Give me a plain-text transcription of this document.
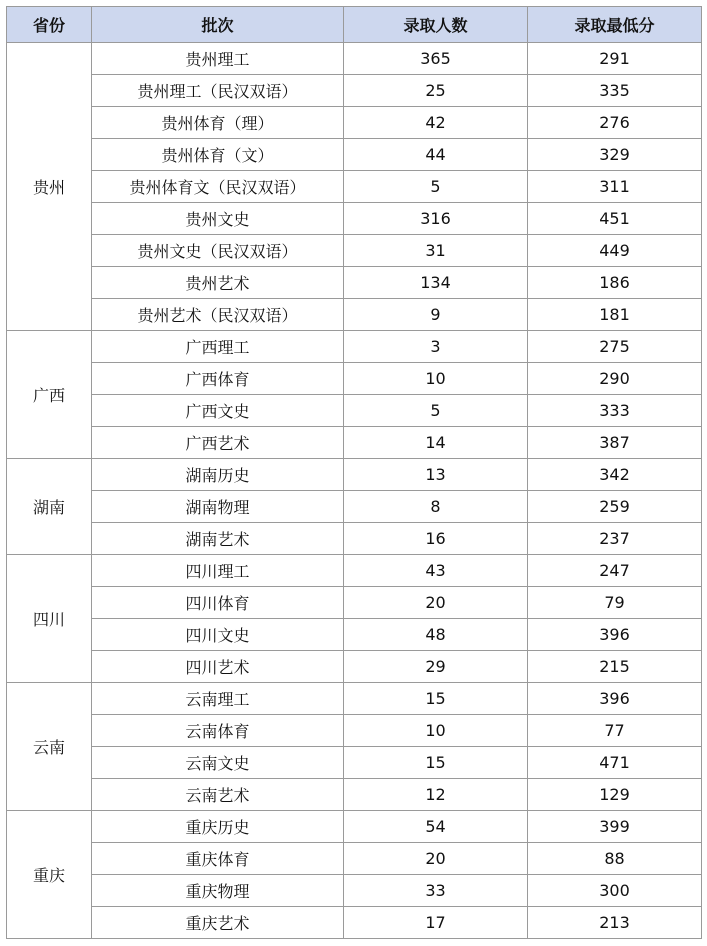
省份	批次	录取人数	录取最低分
贵州	贵州理工	365	291
	贵州理工（民汉双语）	25	335
	贵州体育（理）	42	276
	贵州体育（文）	44	329
	贵州体育文（民汉双语）	5	311
	贵州文史	316	451
	贵州文史（民汉双语）	31	449
	贵州艺术	134	186
	贵州艺术（民汉双语）	9	181
广西	广西理工	3	275
	广西体育	10	290
	广西文史	5	333
	广西艺术	14	387
湖南	湖南历史	13	342
	湖南物理	8	259
	湖南艺术	16	237
四川	四川理工	43	247
	四川体育	20	79
	四川文史	48	396
	四川艺术	29	215
云南	云南理工	15	396
	云南体育	10	77
	云南文史	15	471
	云南艺术	12	129
重庆	重庆历史	54	399
	重庆体育	20	88
	重庆物理	33	300
	重庆艺术	17	213
